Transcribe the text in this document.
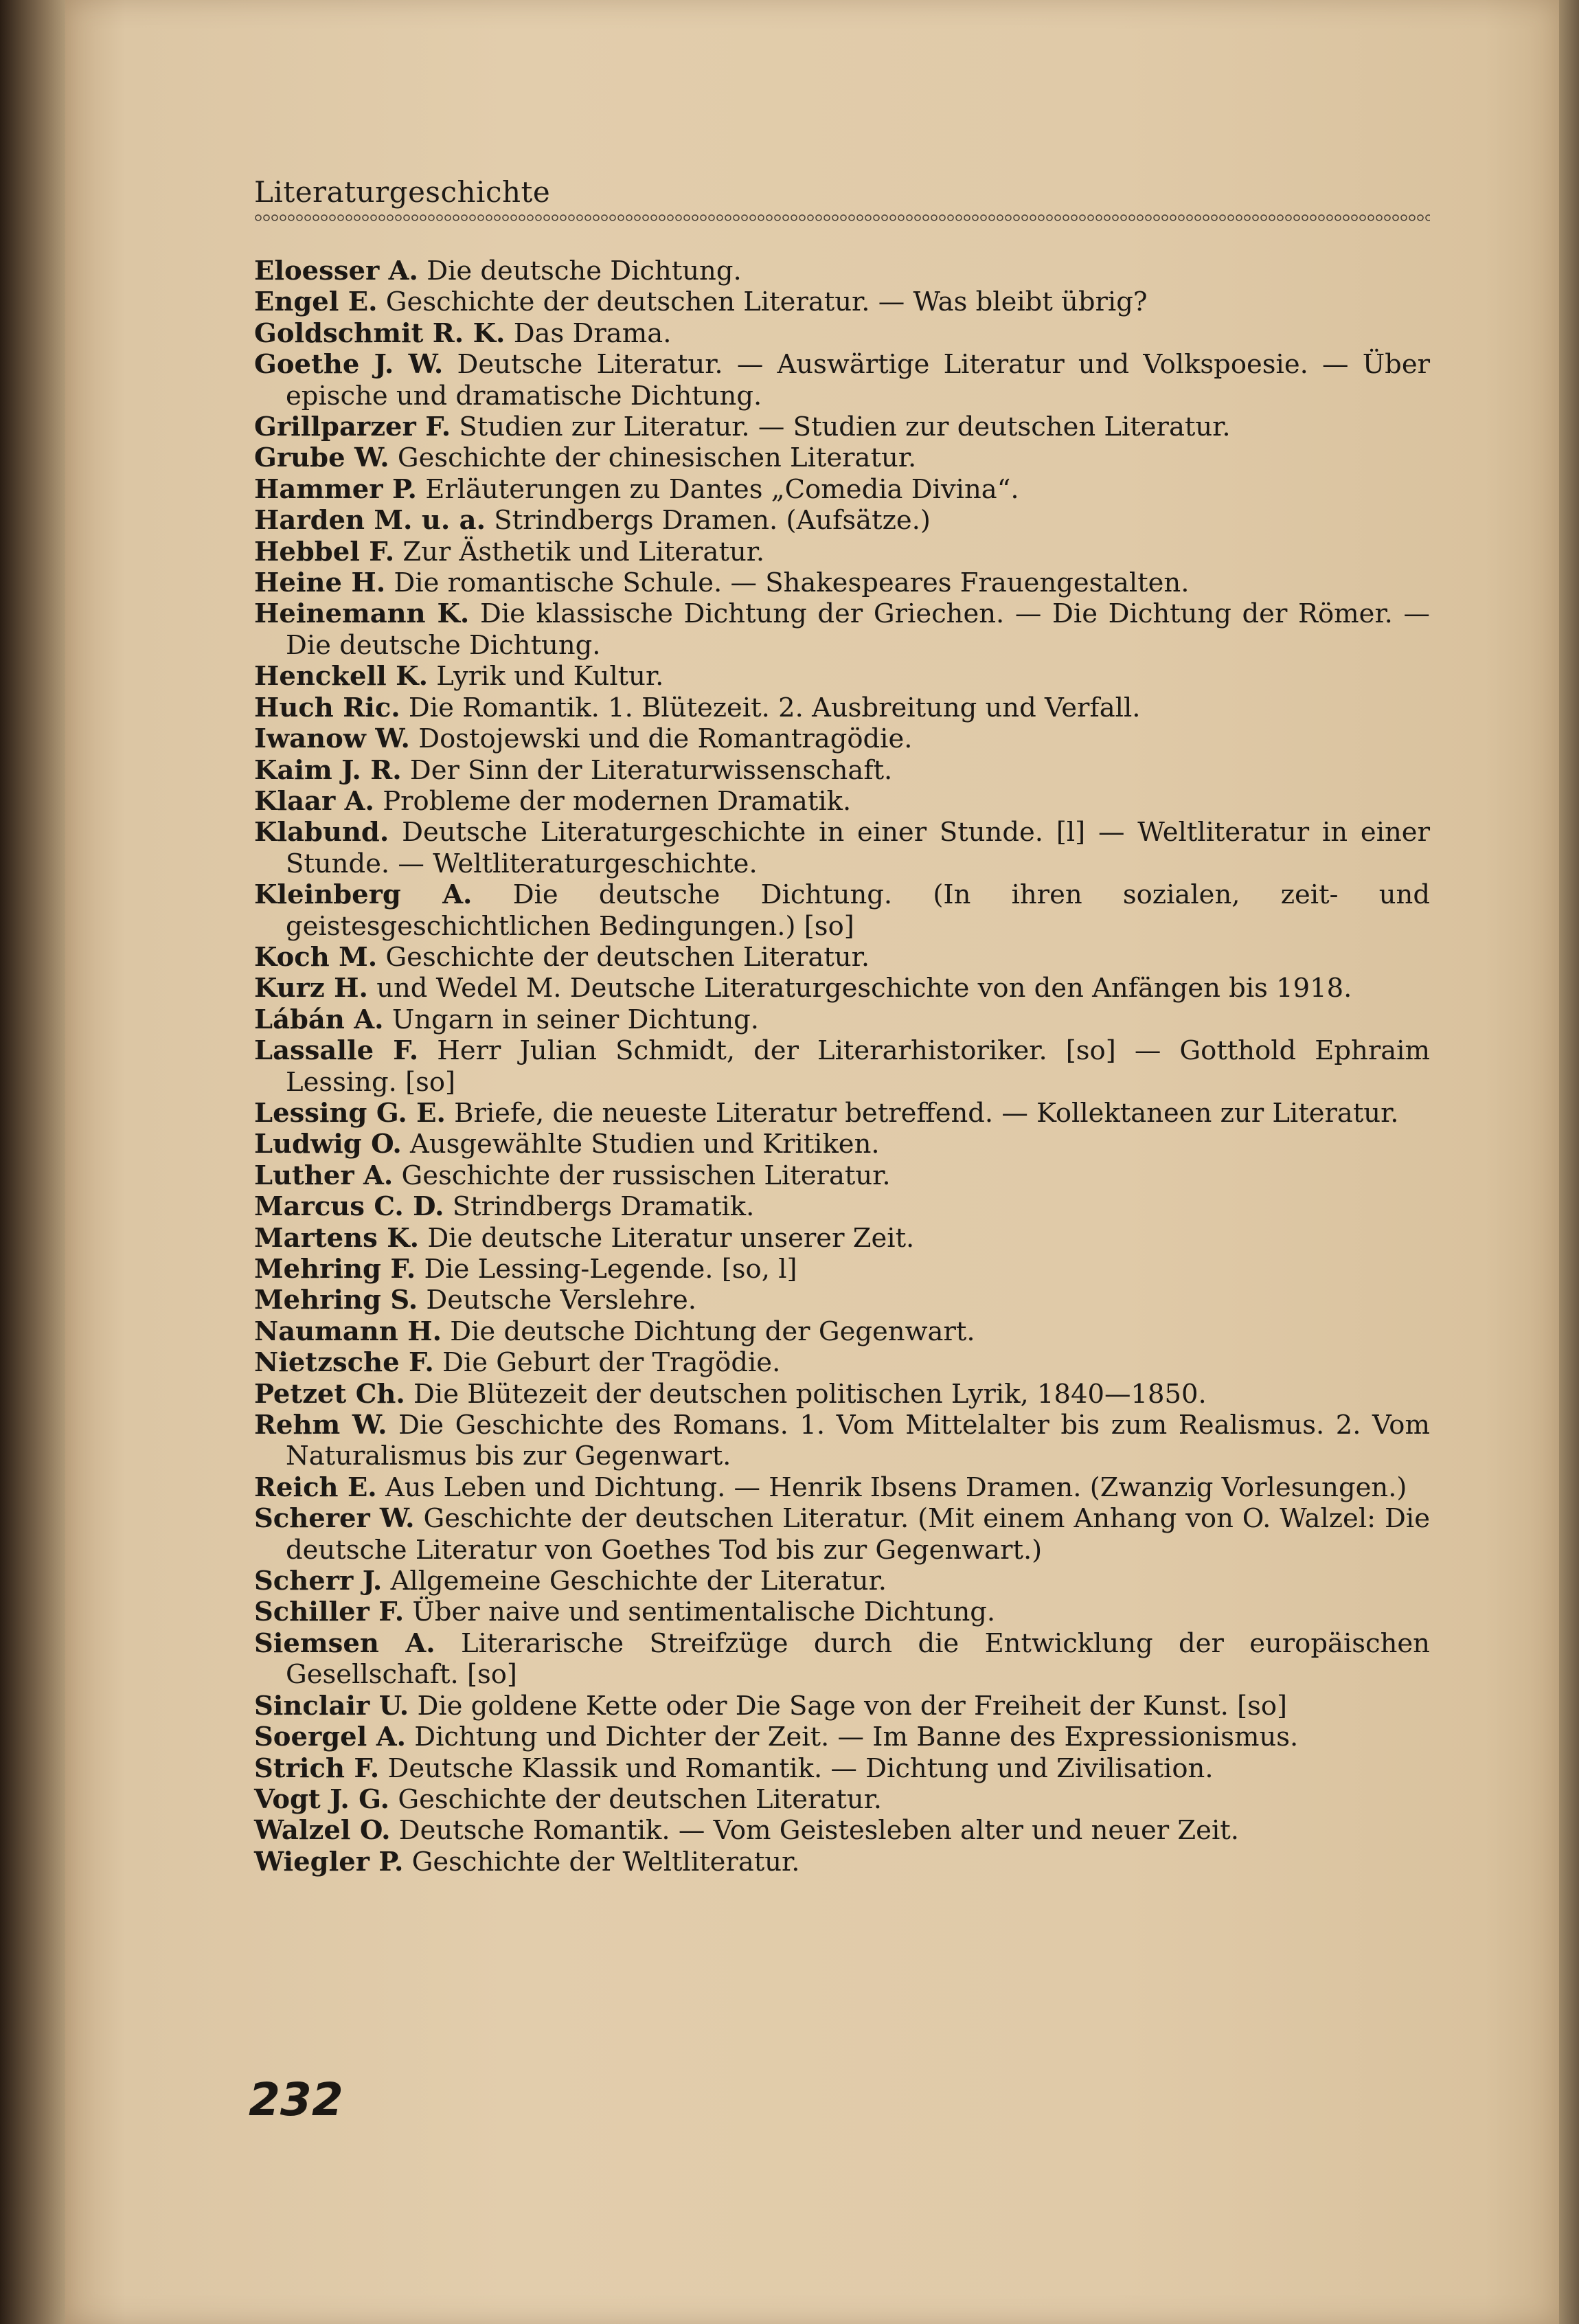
Literaturgeschichte
Eloesser A. Die deutsche Dichtung.
Engel E. Geschichte der deutschen Literatur. — Was bleibt übrig?
Goldschmit R. K. Das Drama.
Goethe J. W. Deutsche Literatur. — Auswärtige Literatur und Volkspoesie. — Über epische und dramatische Dichtung.
Grillparzer F. Studien zur Literatur. — Studien zur deutschen Literatur.
Grube W. Geschichte der chinesischen Literatur.
Hammer P. Erläuterungen zu Dantes „Comedia Divina“.
Harden M. u. a. Strindbergs Dramen. (Aufsätze.)
Hebbel F. Zur Ästhetik und Literatur.
Heine H. Die romantische Schule. — Shakespeares Frauengestalten.
Heinemann K. Die klassische Dichtung der Griechen. — Die Dichtung der Römer. — Die deutsche Dichtung.
Henckell K. Lyrik und Kultur.
Huch Ric. Die Romantik. 1. Blütezeit. 2. Ausbreitung und Verfall.
Iwanow W. Dostojewski und die Romantragödie.
Kaim J. R. Der Sinn der Literaturwissenschaft.
Klaar A. Probleme der modernen Dramatik.
Klabund. Deutsche Literaturgeschichte in einer Stunde. [l] — Weltliteratur in einer Stunde. — Weltliteraturgeschichte.
Kleinberg A. Die deutsche Dichtung. (In ihren sozialen, zeit- und geistesgeschichtlichen Bedingungen.) [so]
Koch M. Geschichte der deutschen Literatur.
Kurz H. und Wedel M. Deutsche Literaturgeschichte von den Anfängen bis 1918.
Lábán A. Ungarn in seiner Dichtung.
Lassalle F. Herr Julian Schmidt, der Literarhistoriker. [so] — Gotthold Ephraim Lessing. [so]
Lessing G. E. Briefe, die neueste Literatur betreffend. — Kollektaneen zur Literatur.
Ludwig O. Ausgewählte Studien und Kritiken.
Luther A. Geschichte der russischen Literatur.
Marcus C. D. Strindbergs Dramatik.
Martens K. Die deutsche Literatur unserer Zeit.
Mehring F. Die Lessing-Legende. [so, l]
Mehring S. Deutsche Verslehre.
Naumann H. Die deutsche Dichtung der Gegenwart.
Nietzsche F. Die Geburt der Tragödie.
Petzet Ch. Die Blütezeit der deutschen politischen Lyrik, 1840—1850.
Rehm W. Die Geschichte des Romans. 1. Vom Mittelalter bis zum Realismus. 2. Vom Naturalismus bis zur Gegenwart.
Reich E. Aus Leben und Dichtung. — Henrik Ibsens Dramen. (Zwanzig Vorlesungen.)
Scherer W. Geschichte der deutschen Literatur. (Mit einem Anhang von O. Walzel: Die deutsche Literatur von Goethes Tod bis zur Gegenwart.)
Scherr J. Allgemeine Geschichte der Literatur.
Schiller F. Über naive und sentimentalische Dichtung.
Siemsen A. Literarische Streifzüge durch die Entwicklung der europäischen Gesellschaft. [so]
Sinclair U. Die goldene Kette oder Die Sage von der Freiheit der Kunst. [so]
Soergel A. Dichtung und Dichter der Zeit. — Im Banne des Expressionismus.
Strich F. Deutsche Klassik und Romantik. — Dichtung und Zivilisation.
Vogt J. G. Geschichte der deutschen Literatur.
Walzel O. Deutsche Romantik. — Vom Geistesleben alter und neuer Zeit.
Wiegler P. Geschichte der Weltliteratur.
232
